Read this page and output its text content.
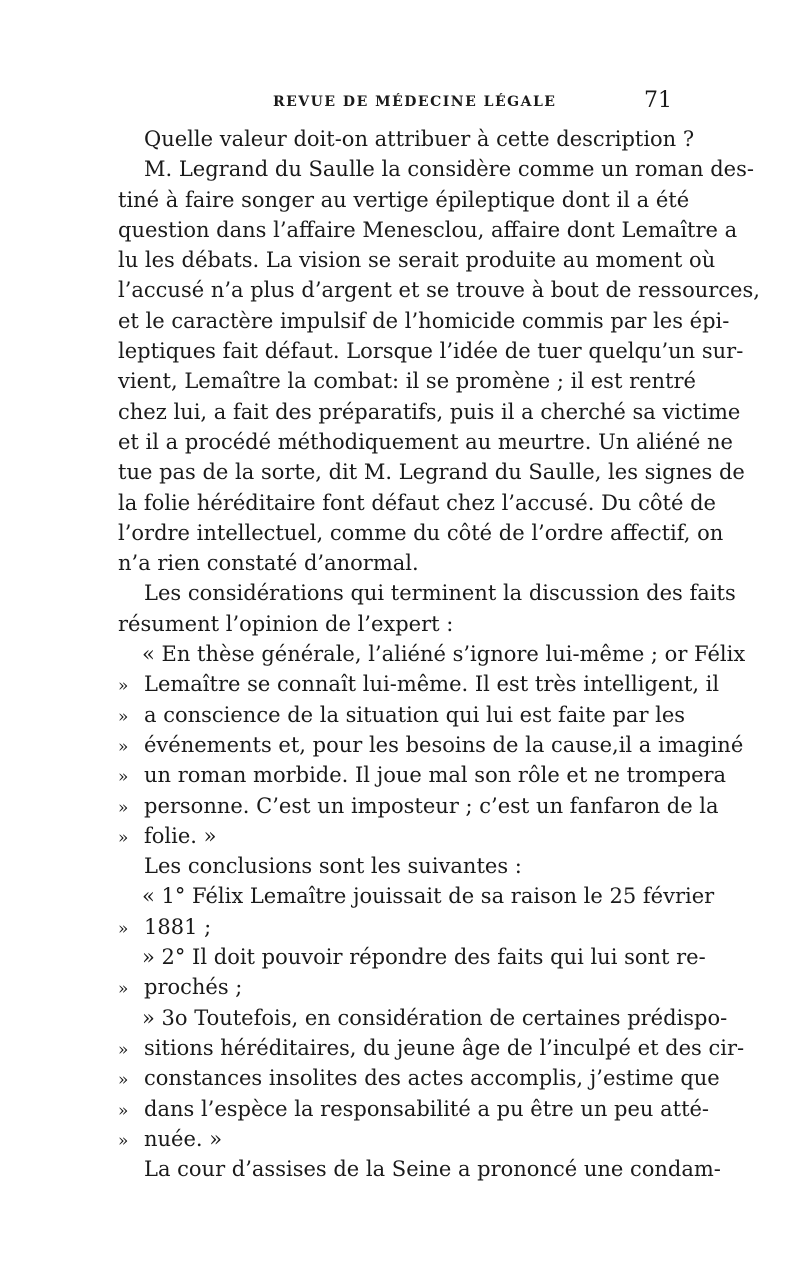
REVUE DE MÉDECINE LÉGALE	71
Quelle valeur doit-on attribuer à cette description ?
M. Legrand du Saulle la considère comme un roman des-
tiné à faire songer au vertige épileptique dont il a été
question dans l’affaire Menesclou, affaire dont Lemaître a
lu les débats. La vision se serait produite au moment où
l’accusé n’a plus d’argent et se trouve à bout de ressources,
et le caractère impulsif de l’homicide commis par les épi-
leptiques fait défaut. Lorsque l’idée de tuer quelqu’un sur-
vient, Lemaître la combat: il se promène ; il est rentré
chez lui, a fait des préparatifs, puis il a cherché sa victime
et il a procédé méthodiquement au meurtre. Un aliéné ne
tue pas de la sorte, dit M. Legrand du Saulle, les signes de
la folie héréditaire font défaut chez l’accusé. Du côté de
l’ordre intellectuel, comme du côté de l’ordre affectif, on
n’a rien constaté d’anormal.
Les considérations qui terminent la discussion des faits
résument l’opinion de l’expert :
« En thèse générale, l’aliéné s’ignore lui-même ; or Félix
» Lemaître se connaît lui-même. Il est très intelligent, il
» a conscience de la situation qui lui est faite par les
» événements et, pour les besoins de la cause,il a imaginé
» un roman morbide. Il joue mal son rôle et ne trompera
» personne. C’est un imposteur ; c’est un fanfaron de la
» folie. »
Les conclusions sont les suivantes :
« 1° Félix Lemaître jouissait de sa raison le 25 février
» 1881 ;
» 2° Il doit pouvoir répondre des faits qui lui sont re-
» prochés ;
» 3o Toutefois, en considération de certaines prédispo-
» sitions héréditaires, du jeune âge de l’inculpé et des cir-
» constances insolites des actes accomplis, j’estime que
» dans l’espèce la responsabilité a pu être un peu atté-
» nuée. »
La cour d’assises de la Seine a prononcé une condam-
